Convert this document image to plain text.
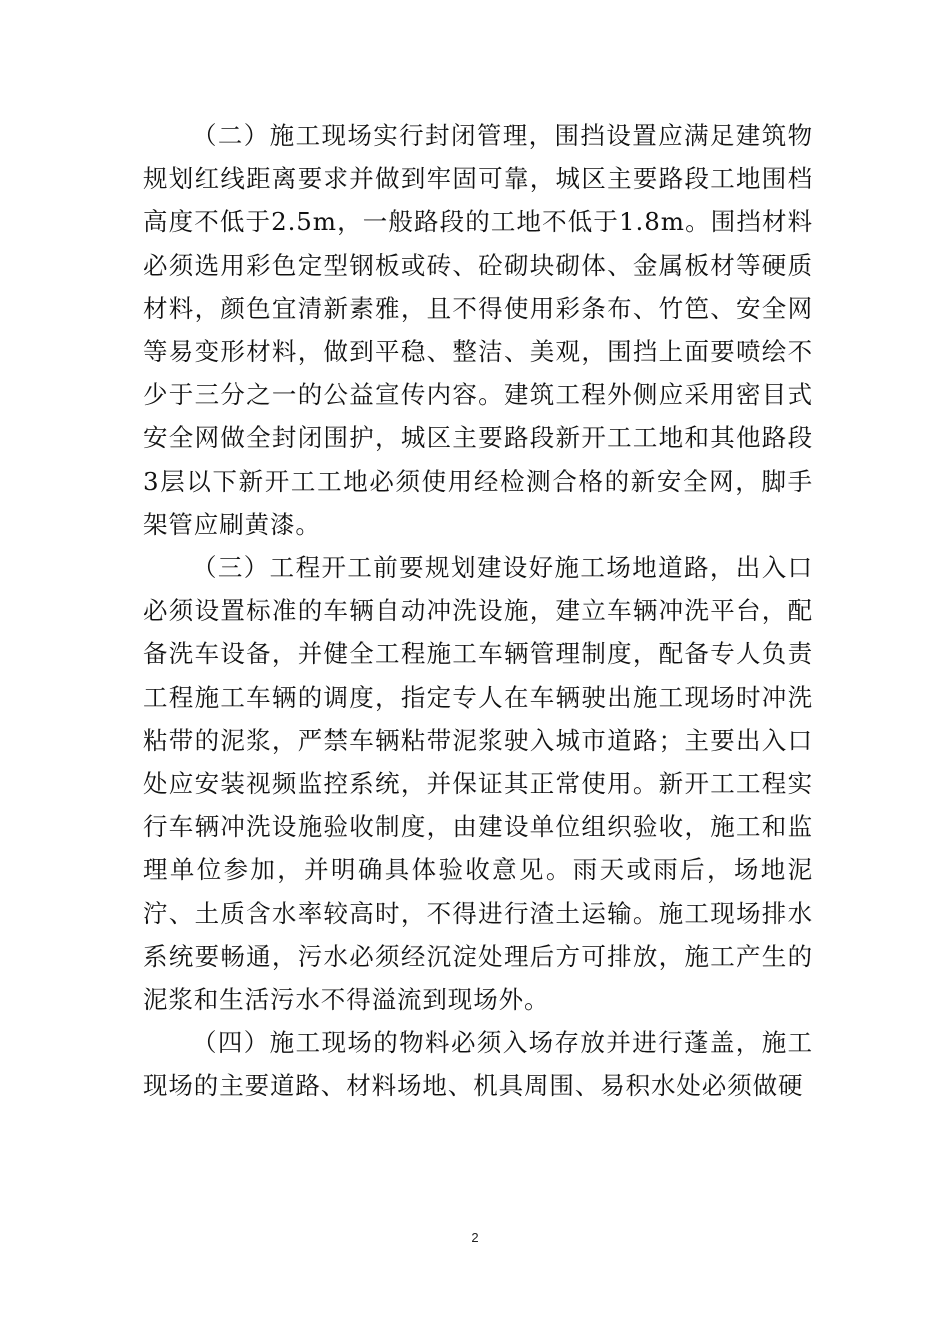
（二）施工现场实行封闭管理，围挡设置应满足建筑物规划红线距离要求并做到牢固可靠，城区主要路段工地围档高度不低于2.5m，一般路段的工地不低于1.8m。围挡材料必须选用彩色定型钢板或砖、砼砌块砌体、金属板材等硬质材料，颜色宜清新素雅，且不得使用彩条布、竹笆、安全网等易变形材料，做到平稳、整洁、美观，围挡上面要喷绘不少于三分之一的公益宣传内容。建筑工程外侧应采用密目式安全网做全封闭围护，城区主要路段新开工工地和其他路段3层以下新开工工地必须使用经检测合格的新安全网，脚手架管应刷黄漆。

（三）工程开工前要规划建设好施工场地道路，出入口必须设置标准的车辆自动冲洗设施，建立车辆冲洗平台，配备洗车设备，并健全工程施工车辆管理制度，配备专人负责工程施工车辆的调度，指定专人在车辆驶出施工现场时冲洗粘带的泥浆，严禁车辆粘带泥浆驶入城市道路；主要出入口处应安装视频监控系统，并保证其正常使用。新开工工程实行车辆冲洗设施验收制度，由建设单位组织验收，施工和监理单位参加，并明确具体验收意见。雨天或雨后，场地泥泞、土质含水率较高时，不得进行渣土运输。施工现场排水系统要畅通，污水必须经沉淀处理后方可排放，施工产生的泥浆和生活污水不得溢流到现场外。

（四）施工现场的物料必须入场存放并进行蓬盖，施工现场的主要道路、材料场地、机具周围、易积水处必须做硬

2
